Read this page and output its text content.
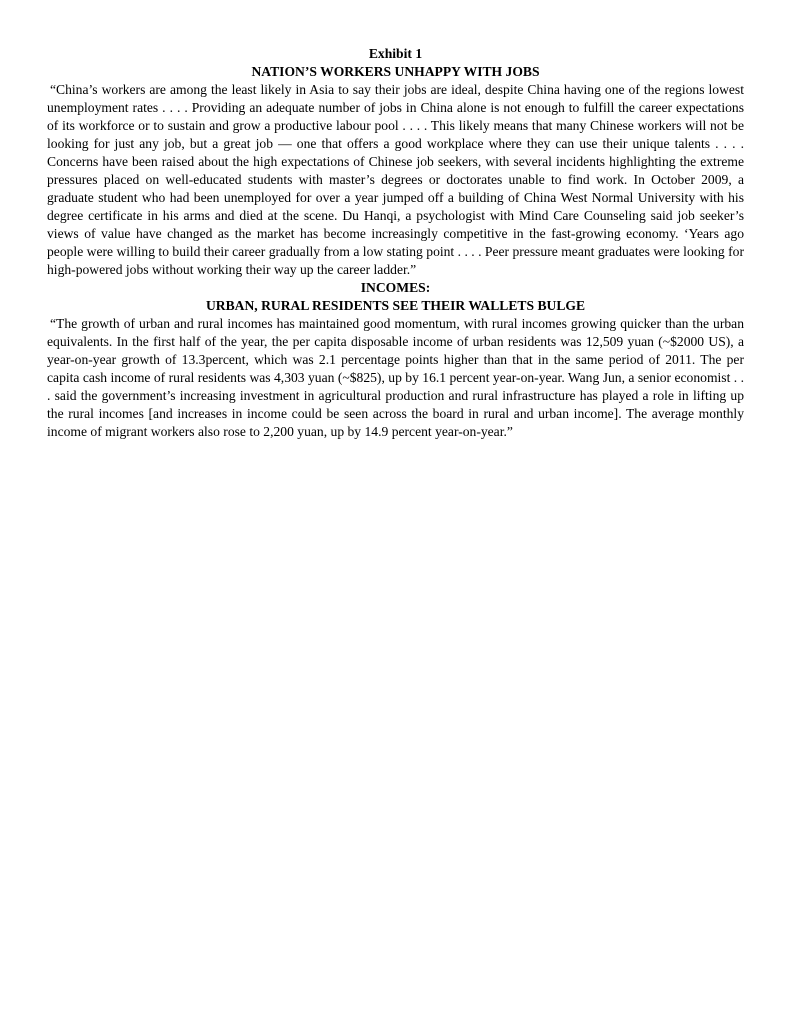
Exhibit 1

NATION’S WORKERS UNHAPPY WITH JOBS

“China’s workers are among the least likely in Asia to say their jobs are ideal, despite China having one of the regions lowest unemployment rates . . . . Providing an adequate number of jobs in China alone is not enough to fulfill the career expectations of its workforce or to sustain and grow a productive labour pool . . . . This likely means that many Chinese workers will not be looking for just any job, but a great job — one that offers a good workplace where they can use their unique talents . . . . Concerns have been raised about the high expectations of Chinese job seekers, with several incidents highlighting the extreme pressures placed on well-educated students with master’s degrees or doctorates unable to find work. In October 2009, a graduate student who had been unemployed for over a year jumped off a building of China West Normal University with his degree certificate in his arms and died at the scene. Du Hanqi, a psychologist with Mind Care Counseling said job seeker’s views of value have changed as the market has become increasingly competitive in the fast-growing economy. ‘Years ago people were willing to build their career gradually from a low stating point . . . . Peer pressure meant graduates were looking for high-powered jobs without working their way up the career ladder.”

INCOMES:

URBAN, RURAL RESIDENTS SEE THEIR WALLETS BULGE

“The growth of urban and rural incomes has maintained good momentum, with rural incomes growing quicker than the urban equivalents. In the first half of the year, the per capita disposable income of urban residents was 12,509 yuan (~$2000 US), a year-on-year growth of 13.3percent, which was 2.1 percentage points higher than that in the same period of 2011. The per capita cash income of rural residents was 4,303 yuan (~$825), up by 16.1 percent year-on-year. Wang Jun, a senior economist . . . said the government’s increasing investment in agricultural production and rural infrastructure has played a role in lifting up the rural incomes [and increases in income could be seen across the board in rural and urban income]. The average monthly income of migrant workers also rose to 2,200 yuan, up by 14.9 percent year-on-year.”
